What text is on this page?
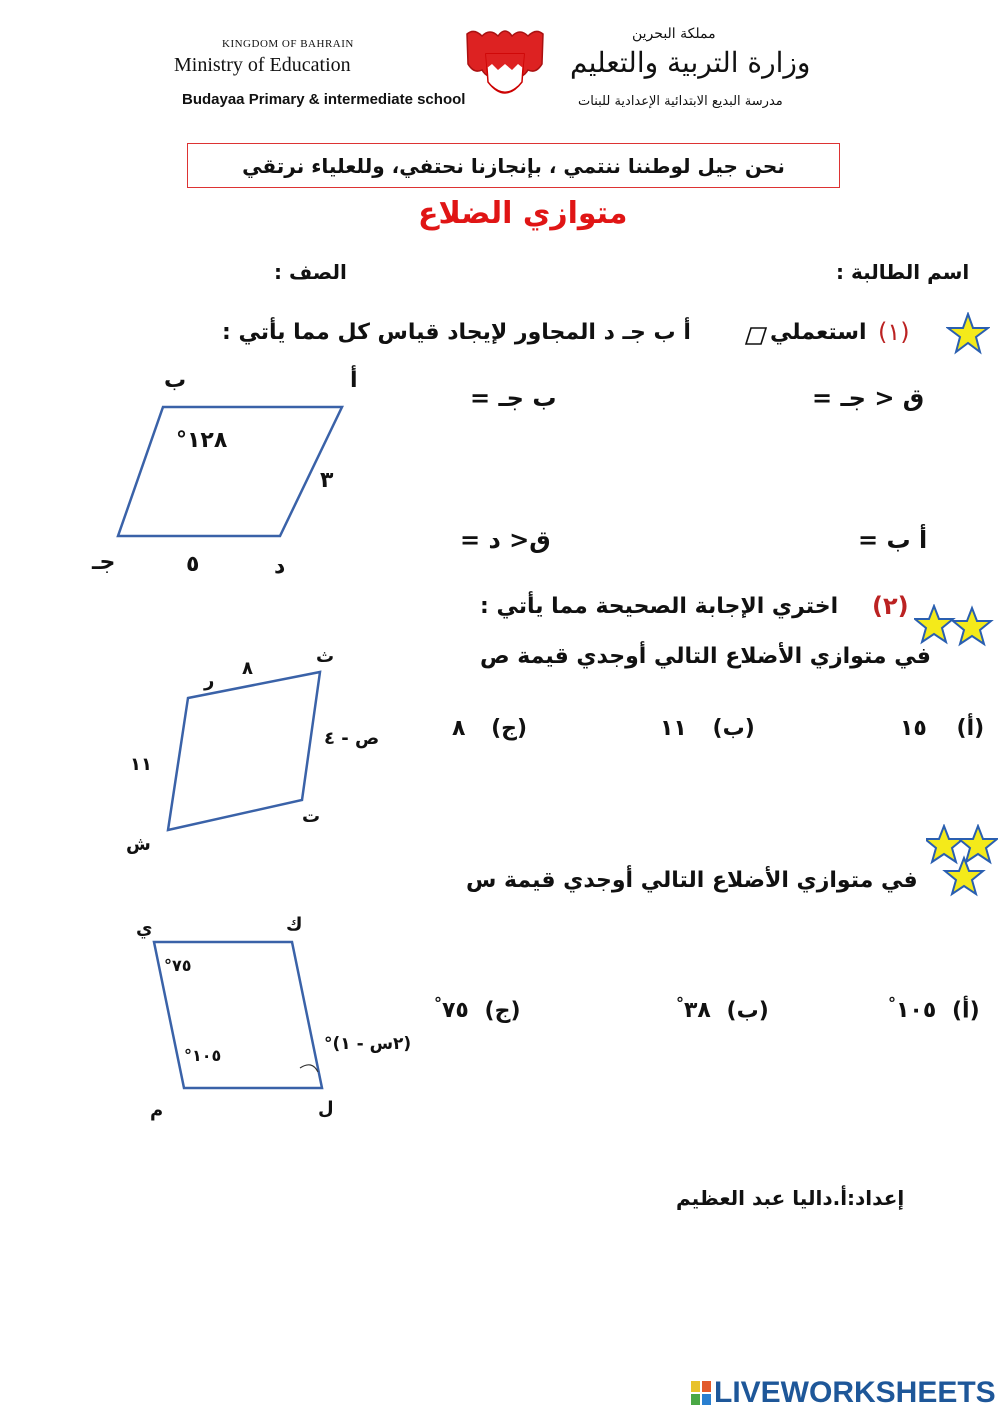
KINGDOM OF BAHRAIN
Ministry of Education
Budayaa Primary & intermediate school
مملكة البحرين
وزارة التربية والتعليم
مدرسة البديع الابتدائية الإعدادية للبنات
نحن جيل لوطننا ننتمي ، بإنجازنا نحتفي، وللعلياء نرتقي
متوازي الضلاع
اسم الطالبة :
الصف :
(١)
استعملي
أ ب جـ د المجاور لإيجاد قياس كل مما يأتي :
ق < جـ =
ب جـ =
أ ب =
ق< د =
أ
ب
جـ	د
°١٢٨
٣
٥
(٢)
اختري الإجابة الصحيحة مما يأتي :
في متوازي الأضلاع التالي أوجدي قيمة ص
(أ) ١٥
(ب) ١١
(ج) ٨
ر
ث
ت
ش
٨
ص - ٤
١١
في متوازي الأضلاع التالي أوجدي قيمة س
(أ) ١٠٥°
(ب) ٣٨°
(ج) ٧٥°
ي	ك
ل
م
°٧٥
°١٠٥
(٢س - ١)°
إعداد:أ.داليا عبد العظيم
LIVEWORKSHEETS
